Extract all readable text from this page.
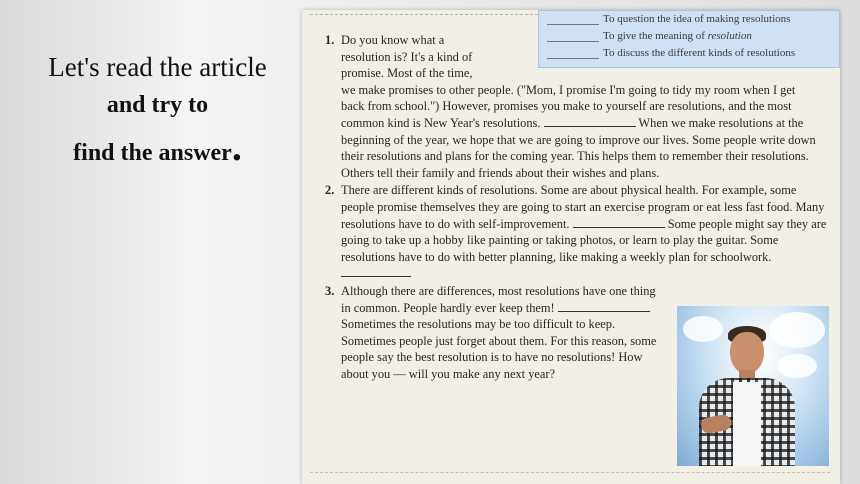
Let's read the article
and try to
find the answer.
To question the idea of making resolutions
To give the meaning of resolution
To discuss the different kinds of resolutions
1. Do you know what a
resolution is? It's a kind of
promise. Most of the time,
we make promises to other people. ("Mom, I promise I'm going to tidy my room when I get back from school.") However, promises you make to yourself are resolutions, and the most common kind is New Year's resolutions.	When we make resolutions at the beginning of the year, we hope that we are going to improve our lives. Some people write down their resolutions and plans for the coming year. This helps them to remember their resolutions. Others tell their family and friends about their wishes and plans.
2. There are different kinds of resolutions. Some are about physical health. For example, some people promise themselves they are going to start an exercise program or eat less fast food. Many resolutions have to do with self-improvement.	Some people might say they are going to take up a hobby like painting or taking photos, or learn to play the guitar. Some resolutions have to do with better planning, like making a weekly plan for schoolwork.
3. Although there are differences, most resolutions have one thing in common. People hardly ever keep them!  Sometimes the resolutions may be too difficult to keep. Sometimes people just forget about them. For this reason, some people say the best resolution is to have no resolutions! How about you — will you make any next year?
